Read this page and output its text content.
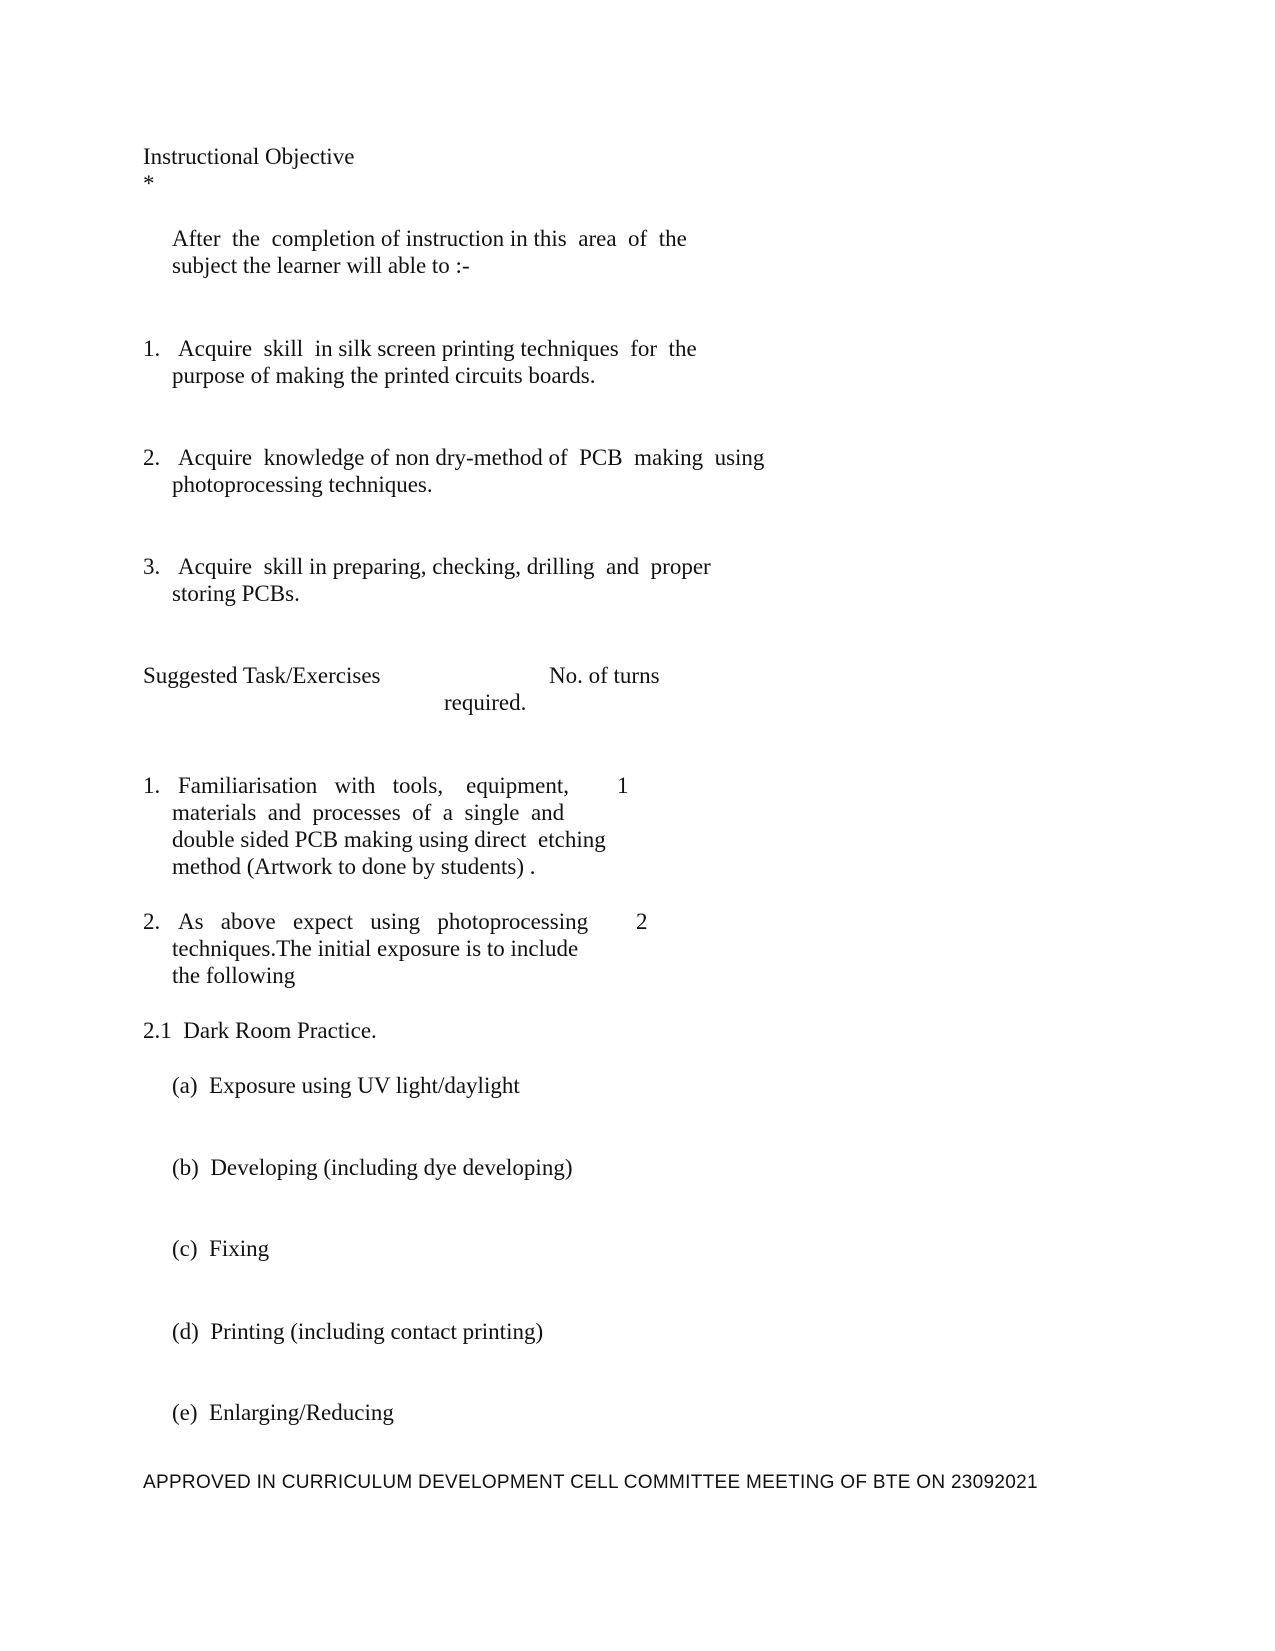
Instructional Objective
*
After  the  completion of instruction in this  area  of  the
subject the learner will able to :-
1. Acquire  skill  in silk screen printing techniques  for  the
purpose of making the printed circuits boards.
2. Acquire  knowledge of non dry-method of  PCB  making  using
photoprocessing techniques.
3. Acquire  skill in preparing, checking, drilling  and  proper
storing PCBs.
Suggested Task/Exercises	No. of turns
required.
1. Familiarisation   with   tools,    equipment,
materials  and  processes  of  a  single  and
double sided PCB making using direct  etching
method (Artwork to done by students) .
1
2. As   above   expect   using   photoprocessing
techniques.The initial exposure is to include
the following
2
2.1  Dark Room Practice.
(a)  Exposure using UV light/daylight
(b)  Developing (including dye developing)
(c)  Fixing
(d)  Printing (including contact printing)
(e)  Enlarging/Reducing
APPROVED IN CURRICULUM DEVELOPMENT CELL COMMITTEE MEETING OF BTE ON 23092021
